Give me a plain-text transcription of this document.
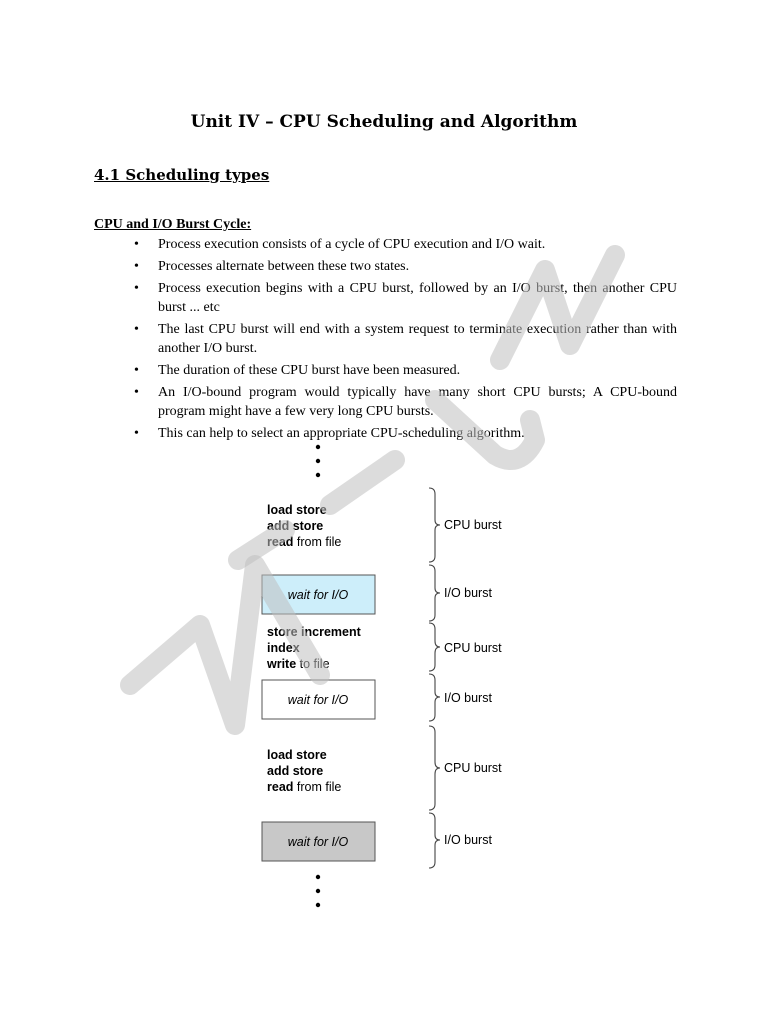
Unit IV – CPU Scheduling and Algorithm
4.1 Scheduling types
CPU and I/O Burst Cycle:
• Process execution consists of a cycle of CPU execution and I/O wait.
• Processes alternate between these two states.
• Process execution begins with a CPU burst, followed by an I/O burst, then another CPU burst ... etc
• The last CPU burst will end with a system request to terminate execution rather than with another I/O burst.
• The duration of these CPU burst have been measured.
• An I/O-bound program would typically have many short CPU bursts; A CPU-bound program might have a few very long CPU bursts.
• This can help to select an appropriate CPU-scheduling algorithm.
load store
add store
read from file
wait for I/O
store increment
index
write to file
wait for I/O
load store
add store
read from file
wait for I/O
CPU burst
I/O burst
CPU burst
I/O burst
CPU burst
I/O burst
